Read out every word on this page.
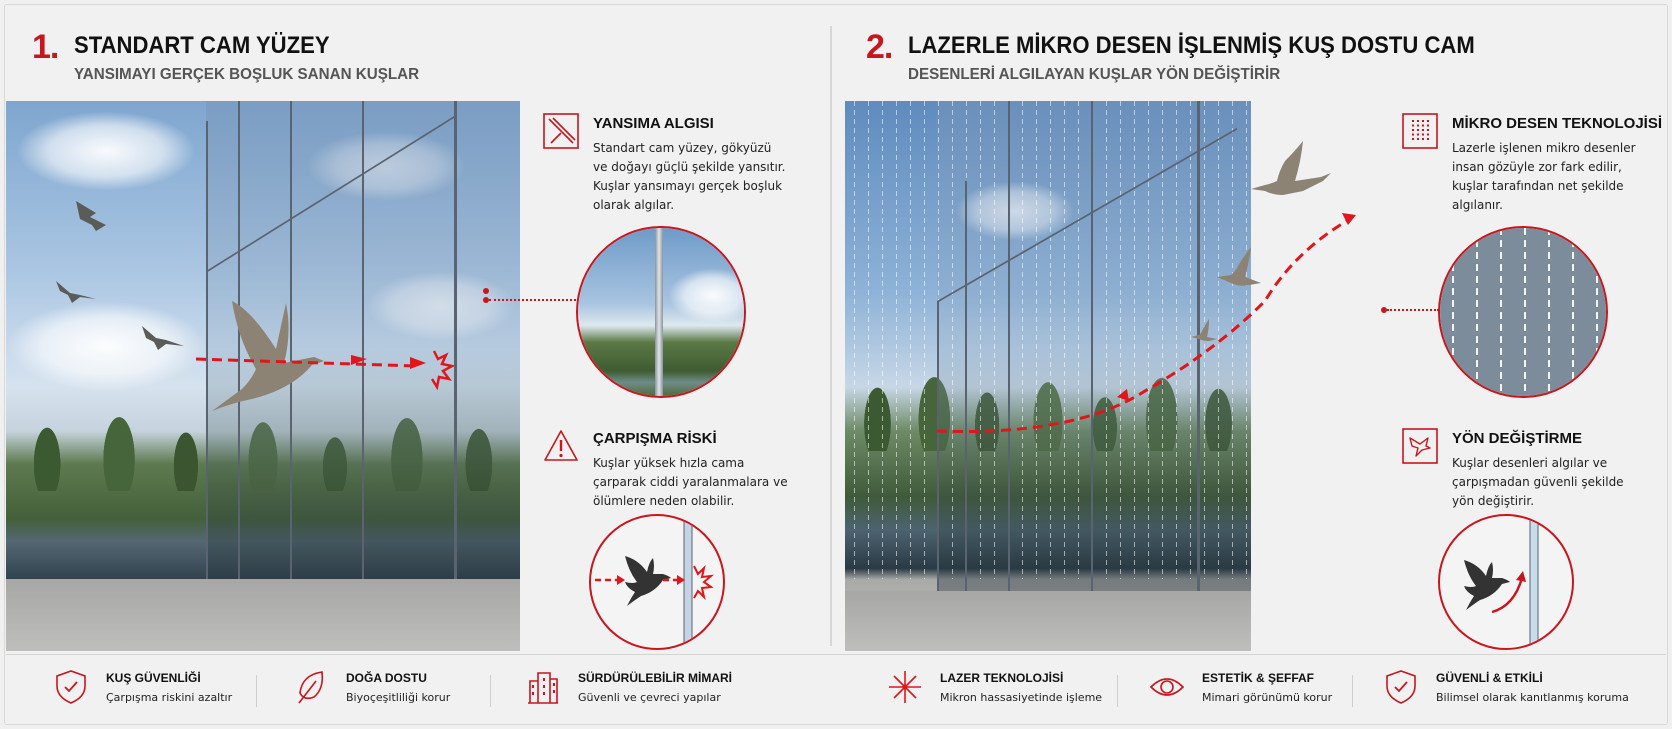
1. STANDART CAM YÜZEY
YANSIMAYI GERÇEK BOŞLUK SANAN KUŞLAR
2. LAZERLE MİKRO DESEN İŞLENMİŞ KUŞ DOSTU CAM
DESENLERİ ALGILAYAN KUŞLAR YÖN DEĞİŞTİRİR
YANSIMA ALGISI
Standart cam yüzey, gökyüzü ve doğayı güçlü şekilde yansıtır. Kuşlar yansımayı gerçek boşluk olarak algılar.
ÇARPIŞMA RİSKİ
Kuşlar yüksek hızla cama çarparak ciddi yaralanmalara ve ölümlere neden olabilir.
MİKRO DESEN TEKNOLOJİSİ
Lazerle işlenen mikro desenler insan gözüyle zor fark edilir, kuşlar tarafından net şekilde algılanır.
YÖN DEĞİŞTİRME
Kuşlar desenleri algılar ve çarpışmadan güvenli şekilde yön değiştirir.
KUŞ GÜVENLİĞİ
Çarpışma riskini azaltır
DOĞA DOSTU
Biyoçeşitliliği korur
SÜRDÜRÜLEBİLİR MİMARİ
Güvenli ve çevreci yapılar
LAZER TEKNOLOJİSİ
Mikron hassasiyetinde işleme
ESTETİK & ŞEFFAF
Mimari görünümü korur
GÜVENLİ & ETKİLİ
Bilimsel olarak kanıtlanmış koruma
